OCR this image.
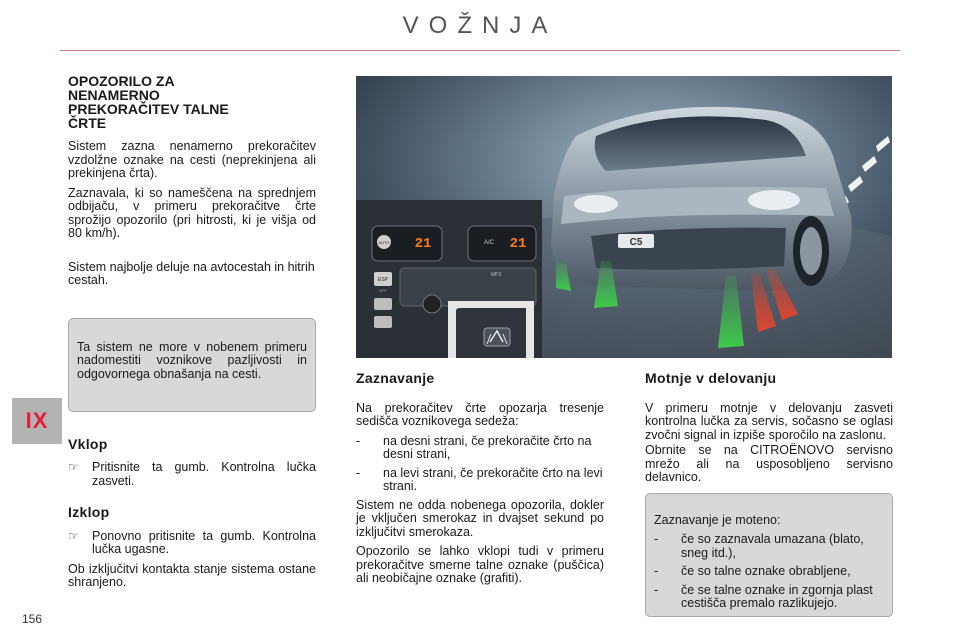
VOŽNJA
IX
156
OPOZORILO ZA
NENAMERNO
PREKORAČITEV TALNE
ČRTE

Sistem zazna nenamerno prekoračitev vzdolžne oznake na cesti (neprekinjena ali prekinjena črta).

Zaznavala, ki so nameščena na sprednjem odbijaču, v primeru prekoračitve črte sprožijo opozorilo (pri hitrosti, ki je višja od 80 km/h).

Sistem najbolje deluje na avtocestah in hitrih cestah.

Ta sistem ne more v nobenem primeru nadomestiti voznikove pazljivosti in odgovornega obnašanja na cesti.

Vklop
☞	Pritisnite ta gumb. Kontrolna lučka zasveti.
Izklop
☞	Ponovno pritisnite ta gumb. Kontrolna lučka ugasne.

Ob izključitvi kontakta stanje sistema ostane shranjeno.

C5
AUTO 21	21
A/C
ESP
OFF
MP3
Zaznavanje

Na prekoračitev črte opozarja tresenje sedišča voznikovega sedeža:

-	na desni strani, če prekoračite črto na desni strani,
-	na levi strani, če prekoračite črto na levi strani.

Sistem ne odda nobenega opozorila, dokler je vključen smerokaz in dvajset sekund po izključitvi smerokaza.

Opozorilo se lahko vklopi tudi v primeru prekoračitve smerne talne oznake (puščica) ali neobičajne oznake (grafiti).

Motnje v delovanju

V primeru motnje v delovanju zasveti kontrolna lučka za servis, sočasno se oglasi zvočni signal in izpiše sporočilo na zaslonu.

Obrnite se na CITROËNOVO servisno mrežo ali na usposobljeno servisno delavnico.

Zaznavanje je moteno:
-	če so zaznavala umazana (blato, sneg itd.),
-	če so talne oznake obrabljene,
-	če se talne oznake in zgornja plast cestišča premalo razlikujejo.
